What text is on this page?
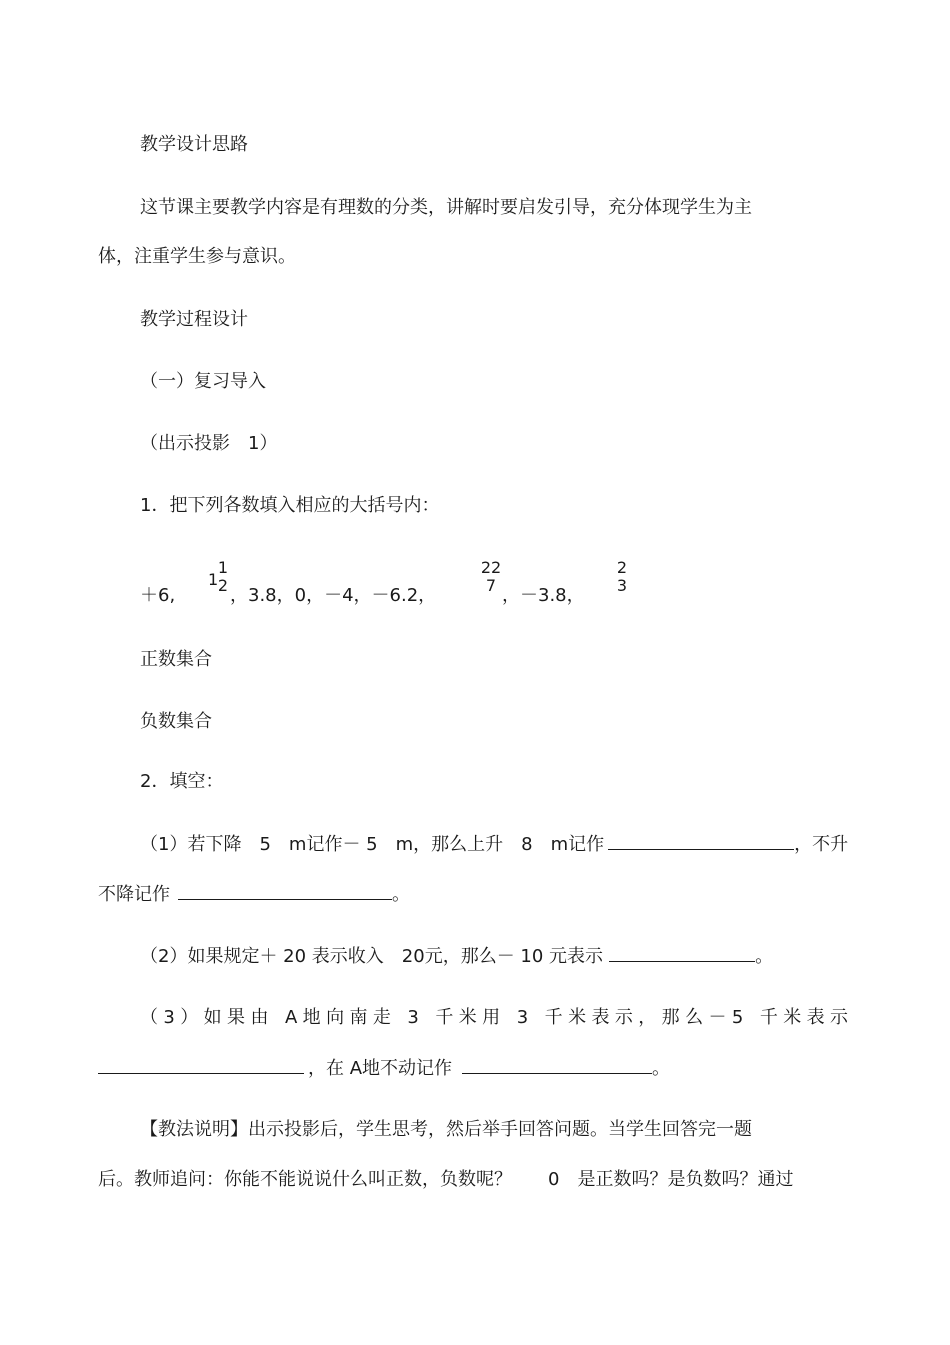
教学设计思路
这节课主要教学内容是有理数的分类，讲解时要启发引导，充分体现学生为主
体，注重学生参与意识。
教学过程设计
（一）复习导入
（出示投影　1）
1．把下列各数填入相应的大括号内：
＋6,
1
1
2 ，3.8，0，－4，－6.2，
22
7 ，－3.8，
2
3
正数集合
负数集合
2．填空：
（1）若下降　5　m记作－ 5　m，那么上升　8　m记作	，不升
不降记作	。
（2）如果规定＋ 20 表示收入　20元，那么－ 10 元表示	。
（3）如果由 A地向南走 3 千米用 3 千米表示，那么－5 千米表示
，在 A地不动记作	。
【教法说明】出示投影后，学生思考，然后举手回答问题。当学生回答完一题
后。教师追问：你能不能说说什么叫正数，负数呢？　　0　是正数吗？是负数吗？通过
